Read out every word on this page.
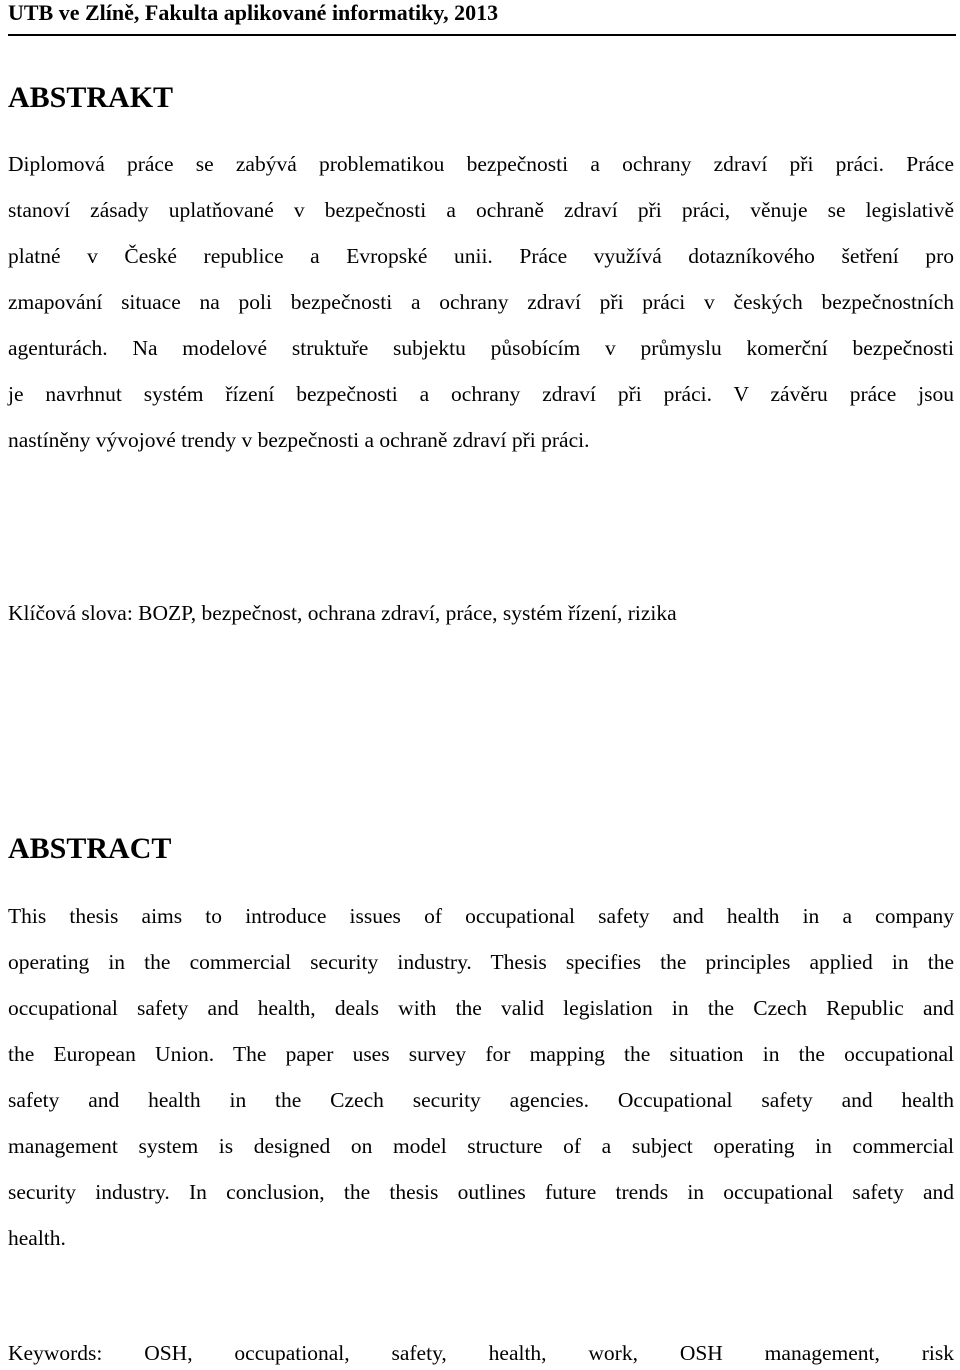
UTB ve Zlíně, Fakulta aplikované informatiky, 2013
ABSTRAKT

Diplomová práce se zabývá problematikou bezpečnosti a ochrany zdraví při práci. Práce
stanoví zásady uplatňované v bezpečnosti a ochraně zdraví při práci, věnuje se legislativě
platné v České republice a Evropské unii. Práce využívá dotazníkového šetření pro
zmapování situace na poli bezpečnosti a ochrany zdraví při práci v českých bezpečnostních
agenturách. Na modelové struktuře subjektu působícím v průmyslu komerční bezpečnosti
je navrhnut systém řízení bezpečnosti a ochrany zdraví při práci. V závěru práce jsou
nastíněny vývojové trendy v bezpečnosti a ochraně zdraví při práci.

Klíčová slova: BOZP, bezpečnost, ochrana zdraví, práce, systém řízení, rizika
ABSTRACT

This thesis aims to introduce issues of occupational safety and health in a company
operating in the commercial security industry. Thesis specifies the principles applied in the
occupational safety and health, deals with the valid legislation in the Czech Republic and
the European Union. The paper uses survey for mapping the situation in the occupational
safety and health in the Czech security agencies. Occupational safety and health
management system is designed on model structure of a subject operating in commercial
security industry. In conclusion, the thesis outlines future trends in occupational safety and
health.

Keywords: OSH, occupational, safety, health, work, OSH management, risk
